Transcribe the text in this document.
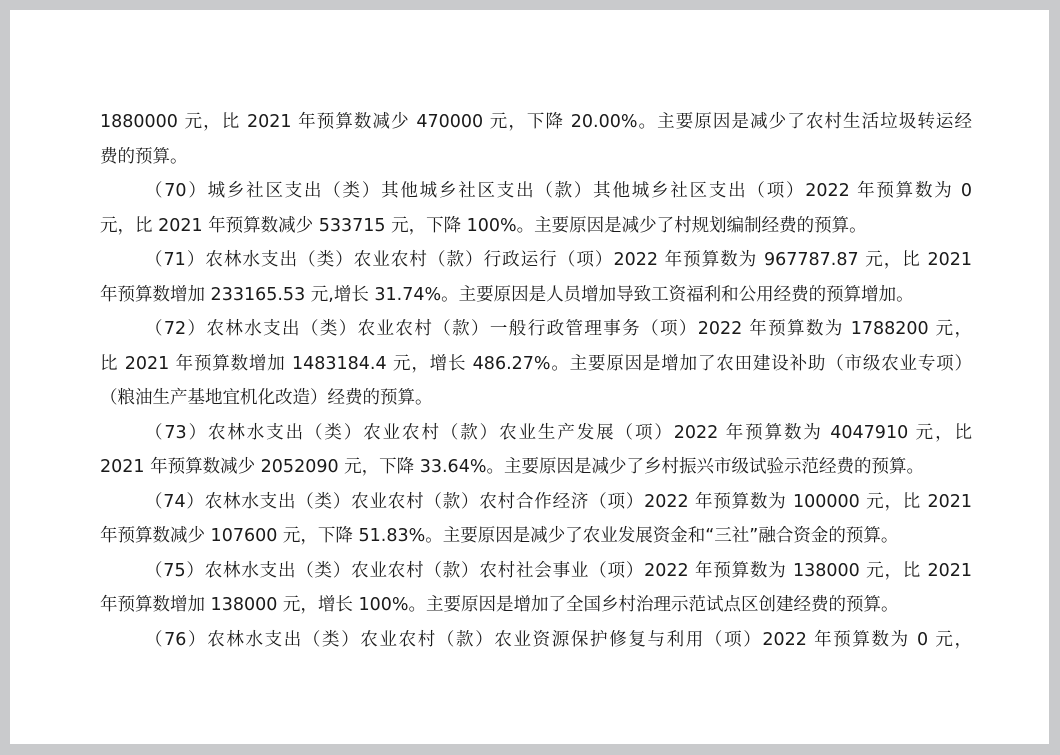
1880000 元，比 2021 年预算数减少 470000 元，下降 20.00%。主要原因是减少了农村生活垃圾转运经
费的预算。
（70）城乡社区支出（类）其他城乡社区支出（款）其他城乡社区支出（项）2022 年预算数为 0
元，比 2021 年预算数减少 533715 元，下降 100%。主要原因是减少了村规划编制经费的预算。
（71）农林水支出（类）农业农村（款）行政运行（项）2022 年预算数为 967787.87 元，比 2021
年预算数增加 233165.53 元,增长 31.74%。主要原因是人员增加导致工资福利和公用经费的预算增加。
（72）农林水支出（类）农业农村（款）一般行政管理事务（项）2022 年预算数为 1788200 元，
比 2021 年预算数增加 1483184.4 元，增长 486.27%。主要原因是增加了农田建设补助（市级农业专项）
（粮油生产基地宜机化改造）经费的预算。
（73）农林水支出（类）农业农村（款）农业生产发展（项）2022 年预算数为 4047910 元，比
2021 年预算数减少 2052090 元，下降 33.64%。主要原因是减少了乡村振兴市级试验示范经费的预算。
（74）农林水支出（类）农业农村（款）农村合作经济（项）2022 年预算数为 100000 元，比 2021
年预算数减少 107600 元，下降 51.83%。主要原因是减少了农业发展资金和“三社”融合资金的预算。
（75）农林水支出（类）农业农村（款）农村社会事业（项）2022 年预算数为 138000 元，比 2021
年预算数增加 138000 元，增长 100%。主要原因是增加了全国乡村治理示范试点区创建经费的预算。
（76）农林水支出（类）农业农村（款）农业资源保护修复与利用（项）2022 年预算数为 0 元，
